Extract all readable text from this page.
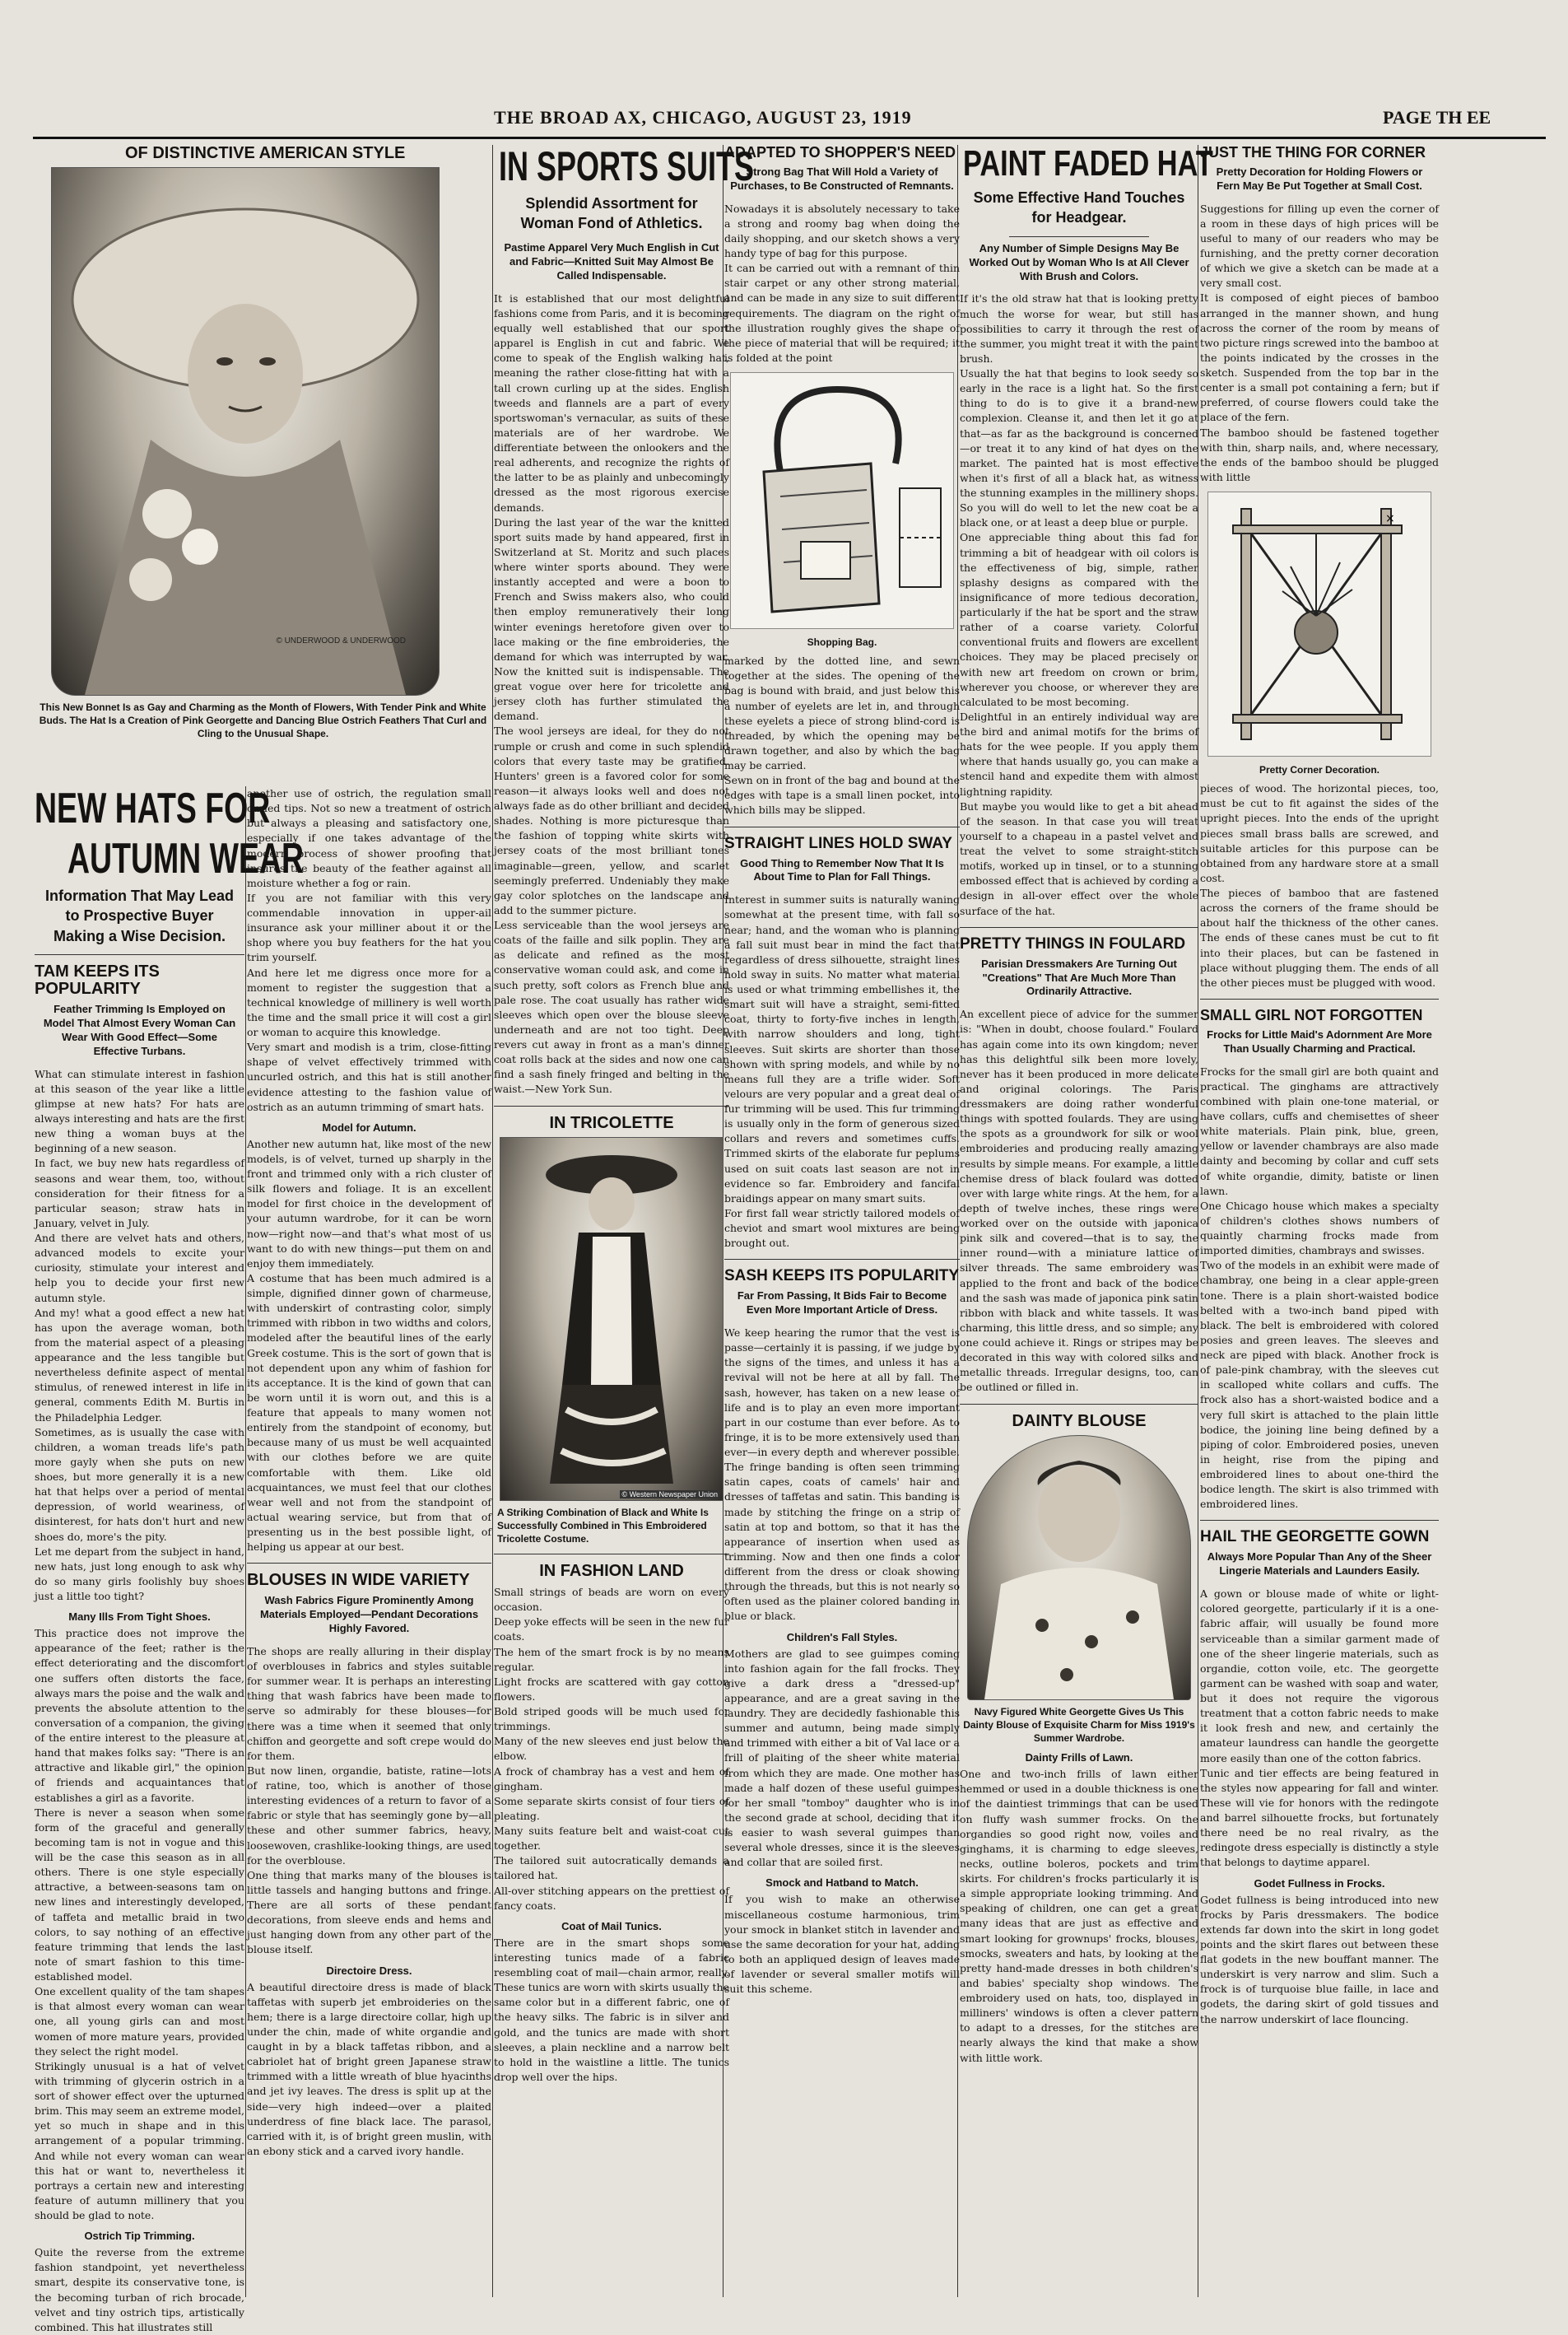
THE BROAD AX, CHICAGO, AUGUST 23, 1919	PAGE TH EE
OF DISTINCTIVE AMERICAN STYLE
© UNDERWOOD & UNDERWOOD

This New Bonnet Is as Gay and Charming as the Month of Flowers, With Tender Pink and White Buds. The Hat Is a Creation of Pink Georgette and Dancing Blue Ostrich Feathers That Curl and Cling to the Unusual Shape.

NEW HATS FOR
AUTUMN WEAR

Information That May Lead to Prospective Buyer Making a Wise Decision.

TAM KEEPS ITS POPULARITY

Feather Trimming Is Employed on Model That Almost Every Woman Can Wear With Good Effect—Some Effective Turbans.

What can stimulate interest in fashion at this season of the year like a little glimpse at new hats? For hats are always interesting and hats are the first new thing a woman buys at the beginning of a new season.

In fact, we buy new hats regardless of seasons and wear them, too, without consideration for their fitness for a particular season; straw hats in January, velvet in July.

And there are velvet hats and others, advanced models to excite your curiosity, stimulate your interest and help you to decide your first new autumn style.

And my! what a good effect a new hat has upon the average woman, both from the material aspect of a pleasing appearance and the less tangible but nevertheless definite aspect of mental stimulus, of renewed interest in life in general, comments Edith M. Burtis in the Philadelphia Ledger.

Sometimes, as is usually the case with children, a woman treads life's path more gayly when she puts on new shoes, but more generally it is a new hat that helps over a period of mental depression, of world weariness, of disinterest, for hats don't hurt and new shoes do, more's the pity.

Let me depart from the subject in hand, new hats, just long enough to ask why do so many girls foolishly buy shoes just a little too tight?

Many Ills From Tight Shoes.

This practice does not improve the appearance of the feet; rather is the effect deteriorating and the discomfort one suffers often distorts the face, always mars the poise and the walk and prevents the absolute attention to the conversation of a companion, the giving of the entire interest to the pleasure at hand that makes folks say: "There is an attractive and likable girl," the opinion of friends and acquaintances that establishes a girl as a favorite.

There is never a season when some form of the graceful and generally becoming tam is not in vogue and this will be the case this season as in all others. There is one style especially attractive, a between-seasons tam on new lines and interestingly developed, of taffeta and metallic braid in two colors, to say nothing of an effective feature trimming that lends the last note of smart fashion to this time-established model.

One excellent quality of the tam shapes is that almost every woman can wear one, all young girls can and most women of more mature years, provided they select the right model.

Strikingly unusual is a hat of velvet with trimming of glycerin ostrich in a sort of shower effect over the upturned brim. This may seem an extreme model, yet so much in shape and in this arrangement of a popular trimming. And while not every woman can wear this hat or want to, nevertheless it portrays a certain new and interesting feature of autumn millinery that you should be glad to note.

Ostrich Tip Trimming.

Quite the reverse from the extreme fashion standpoint, yet nevertheless smart, despite its conservative tone, is the becoming turban of rich brocade, velvet and tiny ostrich tips, artistically combined. This hat illustrates still

another use of ostrich, the regulation small curled tips. Not so new a treatment of ostrich but always a pleasing and satisfactory one, especially if one takes advantage of the modern process of shower proofing that insures the beauty of the feather against all moisture whether a fog or rain.

If you are not familiar with this very commendable innovation in upper-ail insurance ask your milliner about it or the shop where you buy feathers for the hat you trim yourself.

And here let me digress once more for a moment to register the suggestion that a technical knowledge of millinery is well worth the time and the small price it will cost a girl or woman to acquire this knowledge.

Very smart and modish is a trim, close-fitting shape of velvet effectively trimmed with uncurled ostrich, and this hat is still another evidence attesting to the fashion value of ostrich as an autumn trimming of smart hats.

Model for Autumn.

Another new autumn hat, like most of the new models, is of velvet, turned up sharply in the front and trimmed only with a rich cluster of silk flowers and foliage. It is an excellent model for first choice in the development of your autumn wardrobe, for it can be worn now—right now—and that's what most of us want to do with new things—put them on and enjoy them immediately.

A costume that has been much admired is a simple, dignified dinner gown of charmeuse, with underskirt of contrasting color, simply trimmed with ribbon in two widths and colors, modeled after the beautiful lines of the early Greek costume. This is the sort of gown that is not dependent upon any whim of fashion for its acceptance. It is the kind of gown that can be worn until it is worn out, and this is a feature that appeals to many women not entirely from the standpoint of economy, but because many of us must be well acquainted with our clothes before we are quite comfortable with them. Like old acquaintances, we must feel that our clothes wear well and not from the standpoint of actual wearing service, but from that of presenting us in the best possible light, of helping us appear at our best.

BLOUSES IN WIDE VARIETY

Wash Fabrics Figure Prominently Among Materials Employed—Pendant Decorations Highly Favored.

The shops are really alluring in their display of overblouses in fabrics and styles suitable for summer wear. It is perhaps an interesting thing that wash fabrics have been made to serve so admirably for these blouses—for there was a time when it seemed that only chiffon and georgette and soft crepe would do for them.

But now linen, organdie, batiste, ratine—lots of ratine, too, which is another of those interesting evidences of a return to favor of a fabric or style that has seemingly gone by—all these and other summer fabrics, heavy, loosewoven, crashlike-looking things, are used for the overblouse.

One thing that marks many of the blouses is little tassels and hanging buttons and fringe. There are all sorts of these pendant decorations, from sleeve ends and hems and just hanging down from any other part of the blouse itself.

Directoire Dress.

A beautiful directoire dress is made of black taffetas with superb jet embroideries on the hem; there is a large directoire collar, high up under the chin, made of white organdie and caught in by a black taffetas ribbon, and a cabriolet hat of bright green Japanese straw trimmed with a little wreath of blue hyacinths and jet ivy leaves. The dress is split up at the side—very high indeed—over a plaited underdress of fine black lace. The parasol, carried with it, is of bright green muslin, with an ebony stick and a carved ivory handle.

IN SPORTS SUITS

Splendid Assortment for Woman Fond of Athletics.

Pastime Apparel Very Much English in Cut and Fabric—Knitted Suit May Almost Be Called Indispensable.

It is established that our most delightful fashions come from Paris, and it is becoming equally well established that our sport apparel is English in cut and fabric. We come to speak of the English walking hat, meaning the rather close-fitting hat with a tall crown curling up at the sides. English tweeds and flannels are a part of every sportswoman's vernacular, as suits of these materials are of her wardrobe. We differentiate between the onlookers and the real adherents, and recognize the rights of the latter to be as plainly and unbecomingly dressed as the most rigorous exercise demands.

During the last year of the war the knitted sport suits made by hand appeared, first in Switzerland at St. Moritz and such places where winter sports abound. They were instantly accepted and were a boon to French and Swiss makers also, who could then employ remuneratively their long winter evenings heretofore given over to lace making or the fine embroideries, the demand for which was interrupted by war. Now the knitted suit is indispensable. The great vogue over here for tricolette and jersey cloth has further stimulated the demand.

The wool jerseys are ideal, for they do not rumple or crush and come in such splendid colors that every taste may be gratified. Hunters' green is a favored color for some reason—it always looks well and does not always fade as do other brilliant and decided shades. Nothing is more picturesque than the fashion of topping white skirts with jersey coats of the most brilliant tones imaginable—green, yellow, and scarlet seemingly preferred. Undeniably they make gay color splotches on the landscape and add to the summer picture.

Less serviceable than the wool jerseys are coats of the faille and silk poplin. They are as delicate and refined as the most conservative woman could ask, and come in such pretty, soft colors as French blue and pale rose. The coat usually has rather wide sleeves which open over the blouse sleeve underneath and are not too tight. Deep revers cut away in front as a man's dinner coat rolls back at the sides and now one can find a sash finely fringed and belting in the waist.—New York Sun.

IN TRICOLETTE
© Western Newspaper Union

A Striking Combination of Black and White Is Successfully Combined in This Embroidered Tricolette Costume.

IN FASHION LAND

Small strings of beads are worn on every occasion.

Deep yoke effects will be seen in the new fur coats.

The hem of the smart frock is by no means regular.

Light frocks are scattered with gay cotton flowers.

Bold striped goods will be much used for trimmings.

Many of the new sleeves end just below the elbow.

A frock of chambray has a vest and hem of gingham.

Some separate skirts consist of four tiers of pleating.

Many suits feature belt and waist-coat cut together.

The tailored suit autocratically demands a tailored hat.

All-over stitching appears on the prettiest of fancy coats.

Coat of Mail Tunics.

There are in the smart shops some interesting tunics made of a fabric resembling coat of mail—chain armor, really. These tunics are worn with skirts usually the same color but in a different fabric, one of the heavy silks. The fabric is in silver and gold, and the tunics are made with short sleeves, a plain neckline and a narrow belt to hold in the waistline a little. The tunics drop well over the hips.

ADAPTED TO SHOPPER'S NEED

Strong Bag That Will Hold a Variety of Purchases, to Be Constructed of Remnants.

Nowadays it is absolutely necessary to take a strong and roomy bag when doing the daily shopping, and our sketch shows a very handy type of bag for this purpose.

It can be carried out with a remnant of thin stair carpet or any other strong material, and can be made in any size to suit different requirements. The diagram on the right of the illustration roughly gives the shape of the piece of material that will be required; it is folded at the point

Shopping Bag.

marked by the dotted line, and sewn together at the sides. The opening of the bag is bound with braid, and just below this a number of eyelets are let in, and through these eyelets a piece of strong blind-cord is threaded, by which the opening may be drawn together, and also by which the bag may be carried.

Sewn on in front of the bag and bound at the edges with tape is a small linen pocket, into which bills may be slipped.

STRAIGHT LINES HOLD SWAY

Good Thing to Remember Now That It Is About Time to Plan for Fall Things.

Interest in summer suits is naturally waning somewhat at the present time, with fall so near; hand, and the woman who is planning a fall suit must bear in mind the fact that regardless of dress silhouette, straight lines hold sway in suits. No matter what material is used or what trimming embellishes it, the smart suit will have a straight, semi-fitted coat, thirty to forty-five inches in length, with narrow shoulders and long, tight sleeves. Suit skirts are shorter than those shown with spring models, and while by no means full they are a trifle wider. Soft velours are very popular and a great deal of fur trimming will be used. This fur trimming is usually only in the form of generous sized collars and revers and sometimes cuffs. Trimmed skirts of the elaborate fur peplums used on suit coats last season are not in evidence so far. Embroidery and fancifal braidings appear on many smart suits.

For first fall wear strictly tailored models of cheviot and smart wool mixtures are being brought out.

SASH KEEPS ITS POPULARITY

Far From Passing, It Bids Fair to Become Even More Important Article of Dress.

We keep hearing the rumor that the vest is passe—certainly it is passing, if we judge by the signs of the times, and unless it has a revival will not be here at all by fall. The sash, however, has taken on a new lease of life and is to play an even more important part in our costume than ever before. As to fringe, it is to be more extensively used than ever—in every depth and wherever possible. The fringe banding is often seen trimming satin capes, coats of camels' hair and dresses of taffetas and satin. This banding is made by stitching the fringe on a strip of satin at top and bottom, so that it has the appearance of insertion when used as trimming. Now and then one finds a color different from the dress or cloak showing through the threads, but this is not nearly so often used as the plainer colored banding in blue or black.

Children's Fall Styles.

Mothers are glad to see guimpes coming into fashion again for the fall frocks. They give a dark dress a "dressed-up" appearance, and are a great saving in the laundry. They are decidedly fashionable this summer and autumn, being made simply and trimmed with either a bit of Val lace or a frill of plaiting of the sheer white material from which they are made. One mother has made a half dozen of these useful guimpes for her small "tomboy" daughter who is in the second grade at school, deciding that it is easier to wash several guimpes than several whole dresses, since it is the sleeves and collar that are soiled first.

Smock and Hatband to Match.

If you wish to make an otherwise miscellaneous costume harmonious, trim your smock in blanket stitch in lavender and use the same decoration for your hat, adding to both an appliqued design of leaves made of lavender or several smaller motifs will suit this scheme.

PAINT FADED HAT

Some Effective Hand Touches for Headgear.

Any Number of Simple Designs May Be Worked Out by Woman Who Is at All Clever With Brush and Colors.

If it's the old straw hat that is looking pretty much the worse for wear, but still has possibilities to carry it through the rest of the summer, you might treat it with the paint brush.

Usually the hat that begins to look seedy so early in the race is a light hat. So the first thing to do is to give it a brand-new complexion. Cleanse it, and then let it go at that—as far as the background is concerned—or treat it to any kind of hat dyes on the market. The painted hat is most effective when it's first of all a black hat, as witness the stunning examples in the millinery shops. So you will do well to let the new coat be a black one, or at least a deep blue or purple.

One appreciable thing about this fad for trimming a bit of headgear with oil colors is the effectiveness of big, simple, rather splashy designs as compared with the insignificance of more tedious decoration, particularly if the hat be sport and the straw rather of a coarse variety. Colorful conventional fruits and flowers are excellent choices. They may be placed precisely or with new art freedom on crown or brim, wherever you choose, or wherever they are calculated to be most becoming.

Delightful in an entirely individual way are the bird and animal motifs for the brims of hats for the wee people. If you apply them where that hands usually go, you can make a stencil hand and expedite them with almost lightning rapidity.

But maybe you would like to get a bit ahead of the season. In that case you will treat yourself to a chapeau in a pastel velvet and treat the velvet to some straight-stitch motifs, worked up in tinsel, or to a stunning embossed effect that is achieved by cording a design in all-over effect over the whole surface of the hat.

PRETTY THINGS IN FOULARD

Parisian Dressmakers Are Turning Out "Creations" That Are Much More Than Ordinarily Attractive.

An excellent piece of advice for the summer is: "When in doubt, choose foulard." Foulard has again come into its own kingdom; never has this delightful silk been more lovely, never has it been produced in more delicate and original colorings. The Paris dressmakers are doing rather wonderful things with spotted foulards. They are using the spots as a groundwork for silk or wool embroideries and producing really amazing results by simple means. For example, a little chemise dress of black foulard was dotted over with large white rings. At the hem, for a depth of twelve inches, these rings were worked over on the outside with japonica pink silk and covered—that is to say, the inner round—with a miniature lattice of silver threads. The same embroidery was applied to the front and back of the bodice and the sash was made of japonica pink satin ribbon with black and white tassels. It was charming, this little dress, and so simple; any one could achieve it. Rings or stripes may be decorated in this way with colored silks and metallic threads. Irregular designs, too, can be outlined or filled in.

DAINTY BLOUSE

Navy Figured White Georgette Gives Us This Dainty Blouse of Exquisite Charm for Miss 1919's Summer Wardrobe.

Dainty Frills of Lawn.

One and two-inch frills of lawn either hemmed or used in a double thickness is one of the daintiest trimmings that can be used on fluffy wash summer frocks. On the organdies so good right now, voiles and ginghams, it is charming to edge sleeves, necks, outline boleros, pockets and trim skirts. For children's frocks particularly it is a simple appropriate looking trimming. And speaking of children, one can get a great many ideas that are just as effective and smart looking for grownups' frocks, blouses, smocks, sweaters and hats, by looking at the pretty hand-made dresses in both children's and babies' specialty shop windows. The embroidery used on hats, too, displayed in milliners' windows is often a clever pattern to adapt to a dresses, for the stitches are nearly always the kind that make a show with little work.

JUST THE THING FOR CORNER

Pretty Decoration for Holding Flowers or Fern May Be Put Together at Small Cost.

Suggestions for filling up even the corner of a room in these days of high prices will be useful to many of our readers who may be furnishing, and the pretty corner decoration of which we give a sketch can be made at a very small cost.

It is composed of eight pieces of bamboo arranged in the manner shown, and hung across the corner of the room by means of two picture rings screwed into the bamboo at the points indicated by the crosses in the sketch. Suspended from the top bar in the center is a small pot containing a fern; but if preferred, of course flowers could take the place of the fern.

The bamboo should be fastened together with thin, sharp nails, and, where necessary, the ends of the bamboo should be plugged with little

×

Pretty Corner Decoration.

pieces of wood. The horizontal pieces, too, must be cut to fit against the sides of the upright pieces. Into the ends of the upright pieces small brass balls are screwed, and suitable articles for this purpose can be obtained from any hardware store at a small cost.

The pieces of bamboo that are fastened across the corners of the frame should be about half the thickness of the other canes. The ends of these canes must be cut to fit into their places, but can be fastened in place without plugging them. The ends of all the other pieces must be plugged with wood.

SMALL GIRL NOT FORGOTTEN

Frocks for Little Maid's Adornment Are More Than Usually Charming and Practical.

Frocks for the small girl are both quaint and practical. The ginghams are attractively combined with plain one-tone material, or have collars, cuffs and chemisettes of sheer white materials. Plain pink, blue, green, yellow or lavender chambrays are also made dainty and becoming by collar and cuff sets of white organdie, dimity, batiste or linen lawn.

One Chicago house which makes a specialty of children's clothes shows numbers of quaintly charming frocks made from imported dimities, chambrays and swisses.

Two of the models in an exhibit were made of chambray, one being in a clear apple-green tone. There is a plain short-waisted bodice belted with a two-inch band piped with black. The belt is embroidered with colored posies and green leaves. The sleeves and neck are piped with black. Another frock is of pale-pink chambray, with the sleeves cut in scalloped white collars and cuffs. The frock also has a short-waisted bodice and a very full skirt is attached to the plain little bodice, the joining line being defined by a piping of color. Embroidered posies, uneven in height, rise from the piping and embroidered lines to about one-third the bodice length. The skirt is also trimmed with embroidered lines.

HAIL THE GEORGETTE GOWN

Always More Popular Than Any of the Sheer Lingerie Materials and Launders Easily.

A gown or blouse made of white or light-colored georgette, particularly if it is a one-fabric affair, will usually be found more serviceable than a similar garment made of one of the sheer lingerie materials, such as organdie, cotton voile, etc. The georgette garment can be washed with soap and water, but it does not require the vigorous treatment that a cotton fabric needs to make it look fresh and new, and certainly the amateur laundress can handle the georgette more easily than one of the cotton fabrics.

Tunic and tier effects are being featured in the styles now appearing for fall and winter. These will vie for honors with the redingote and barrel silhouette frocks, but fortunately there need be no real rivalry, as the redingote dress especially is distinctly a style that belongs to daytime apparel.

Godet Fullness in Frocks.

Godet fullness is being introduced into new frocks by Paris dressmakers. The bodice extends far down into the skirt in long godet points and the skirt flares out between these flat godets in the new bouffant manner. The underskirt is very narrow and slim. Such a frock is of turquoise blue faille, in lace and godets, the daring skirt of gold tissues and the narrow underskirt of lace flouncing.
